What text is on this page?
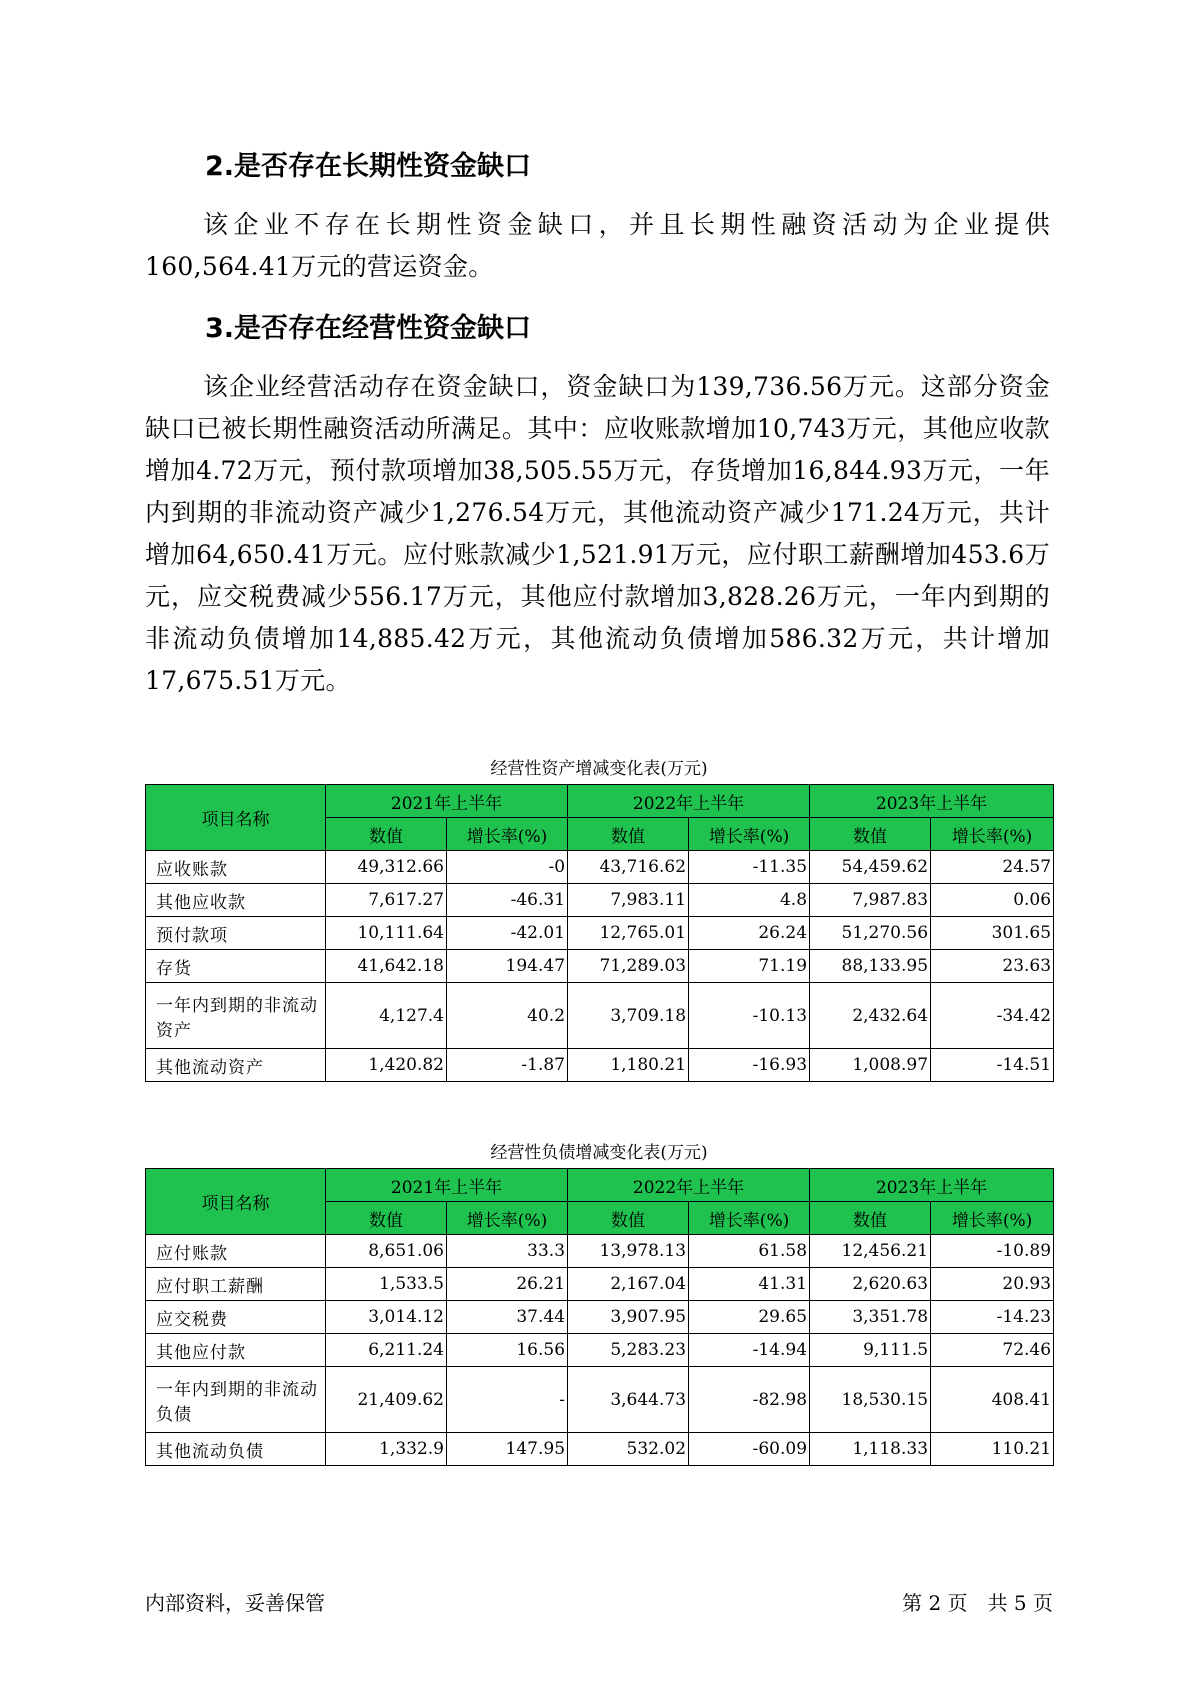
2.是否存在长期性资金缺口
该企业不存在长期性资金缺口，并且长期性融资活动为企业提供160,564.41万元的营运资金。
3.是否存在经营性资金缺口
该企业经营活动存在资金缺口，资金缺口为139,736.56万元。这部分资金缺口已被长期性融资活动所满足。其中：应收账款增加10,743万元，其他应收款增加4.72万元，预付款项增加38,505.55万元，存货增加16,844.93万元，一年内到期的非流动资产减少1,276.54万元，其他流动资产减少171.24万元，共计增加64,650.41万元。应付账款减少1,521.91万元，应付职工薪酬增加453.6万元，应交税费减少556.17万元，其他应付款增加3,828.26万元，一年内到期的非流动负债增加14,885.42万元，其他流动负债增加586.32万元，共计增加17,675.51万元。
经营性资产增减变化表(万元)
项目名称	2021年上半年		2022年上半年		2023年上半年	
	数值	增长率(%)	数值	增长率(%)	数值	增长率(%)
应收账款	49,312.66	-0	43,716.62	-11.35	54,459.62	24.57
其他应收款	7,617.27	-46.31	7,983.11	4.8	7,987.83	0.06
预付款项	10,111.64	-42.01	12,765.01	26.24	51,270.56	301.65
存货	41,642.18	194.47	71,289.03	71.19	88,133.95	23.63
一年内到期的非流动资产	4,127.4	40.2	3,709.18	-10.13	2,432.64	-34.42
其他流动资产	1,420.82	-1.87	1,180.21	-16.93	1,008.97	-14.51
经营性负债增减变化表(万元)
项目名称	2021年上半年		2022年上半年		2023年上半年	
	数值	增长率(%)	数值	增长率(%)	数值	增长率(%)
应付账款	8,651.06	33.3	13,978.13	61.58	12,456.21	-10.89
应付职工薪酬	1,533.5	26.21	2,167.04	41.31	2,620.63	20.93
应交税费	3,014.12	37.44	3,907.95	29.65	3,351.78	-14.23
其他应付款	6,211.24	16.56	5,283.23	-14.94	9,111.5	72.46
一年内到期的非流动负债	21,409.62	-	3,644.73	-82.98	18,530.15	408.41
其他流动负债	1,332.9	147.95	532.02	-60.09	1,118.33	110.21
内部资料，妥善保管	第 2 页　共 5 页
